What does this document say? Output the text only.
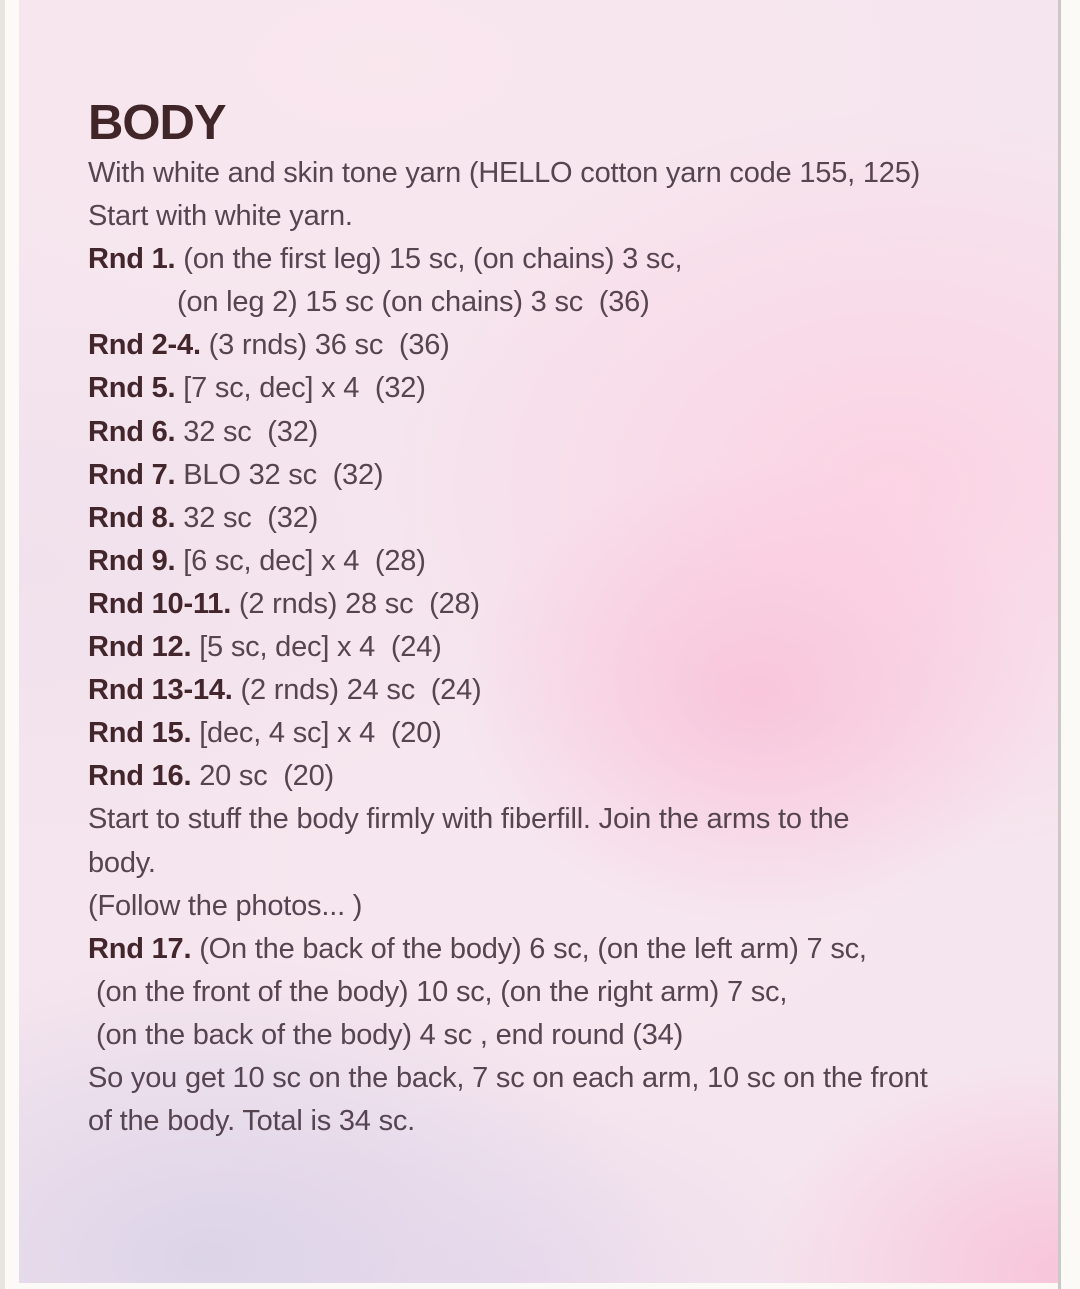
BODY
With white and skin tone yarn (HELLO cotton yarn code 155, 125)
Start with white yarn.
Rnd 1. (on the first leg) 15 sc, (on chains) 3 sc,
(on leg 2) 15 sc (on chains) 3 sc  (36)
Rnd 2-4. (3 rnds) 36 sc  (36)
Rnd 5. [7 sc, dec] x 4  (32)
Rnd 6. 32 sc  (32)
Rnd 7. BLO 32 sc  (32)
Rnd 8. 32 sc  (32)
Rnd 9. [6 sc, dec] x 4  (28)
Rnd 10-11. (2 rnds) 28 sc  (28)
Rnd 12. [5 sc, dec] x 4  (24)
Rnd 13-14. (2 rnds) 24 sc  (24)
Rnd 15. [dec, 4 sc] x 4  (20)
Rnd 16. 20 sc  (20)
Start to stuff the body firmly with fiberfill. Join the arms to the
body.
(Follow the photos... )
Rnd 17. (On the back of the body) 6 sc, (on the left arm) 7 sc,
(on the front of the body) 10 sc, (on the right arm) 7 sc,
(on the back of the body) 4 sc , end round (34)
So you get 10 sc on the back, 7 sc on each arm, 10 sc on the front
of the body. Total is 34 sc.
